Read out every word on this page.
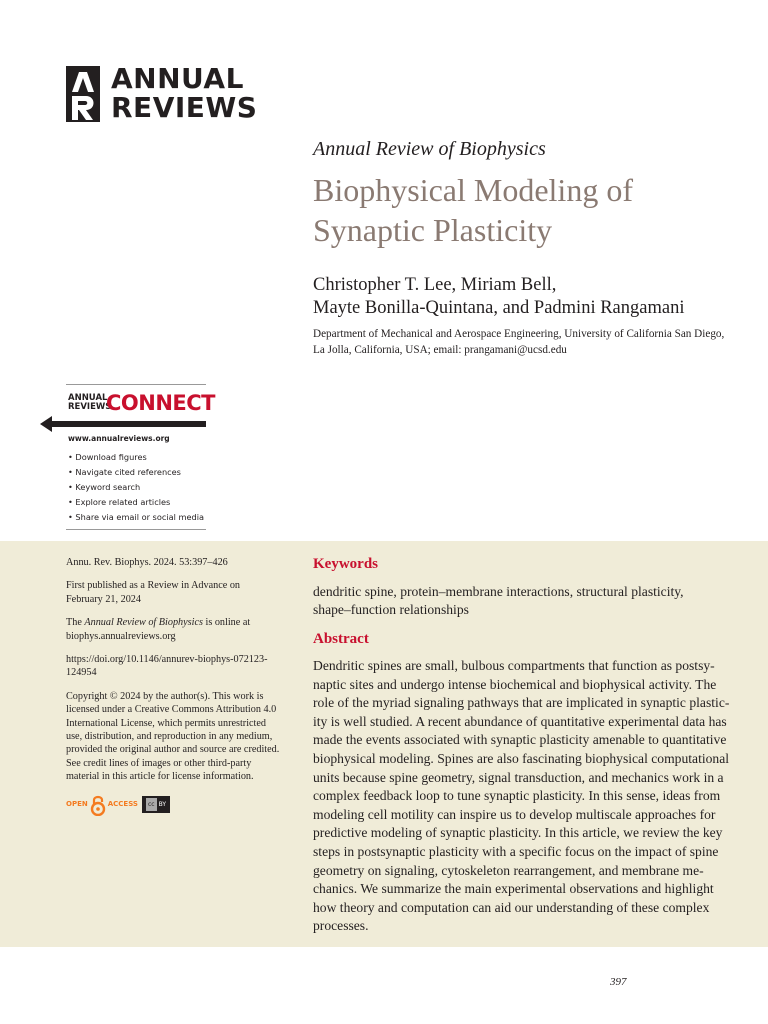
ANNUAL
REVIEWS
Annual Review of Biophysics
Biophysical Modeling of
Synaptic Plasticity
Christopher T. Lee, Miriam Bell,
Mayte Bonilla-Quintana, and Padmini Rangamani
Department of Mechanical and Aerospace Engineering, University of California San Diego,
La Jolla, California, USA; email: prangamani@ucsd.edu
ANNUAL
REVIEWS
CONNECT
www.annualreviews.org
• Download figures
• Navigate cited references
• Keyword search
• Explore related articles
• Share via email or social media

Annu. Rev. Biophys. 2024. 53:397–426

First published as a Review in Advance on
February 21, 2024

The Annual Review of Biophysics is online at
biophys.annualreviews.org

https://doi.org/10.1146/annurev-biophys-072123-
124954

Copyright © 2024 by the author(s). This work is
licensed under a Creative Commons Attribution 4.0
International License, which permits unrestricted
use, distribution, and reproduction in any medium,
provided the original author and source are credited.
See credit lines of images or other third-party
material in this article for license information.

OPEN	ACCESS	cc BY
Keywords
dendritic spine, protein–membrane interactions, structural plasticity,
shape–function relationships
Abstract
Dendritic spines are small, bulbous compartments that function as postsy-
naptic sites and undergo intense biochemical and biophysical activity. The
role of the myriad signaling pathways that are implicated in synaptic plastic-
ity is well studied. A recent abundance of quantitative experimental data has
made the events associated with synaptic plasticity amenable to quantitative
biophysical modeling. Spines are also fascinating biophysical computational
units because spine geometry, signal transduction, and mechanics work in a
complex feedback loop to tune synaptic plasticity. In this sense, ideas from
modeling cell motility can inspire us to develop multiscale approaches for
predictive modeling of synaptic plasticity. In this article, we review the key
steps in postsynaptic plasticity with a specific focus on the impact of spine
geometry on signaling, cytoskeleton rearrangement, and membrane me-
chanics. We summarize the main experimental observations and highlight
how theory and computation can aid our understanding of these complex
processes.
397
